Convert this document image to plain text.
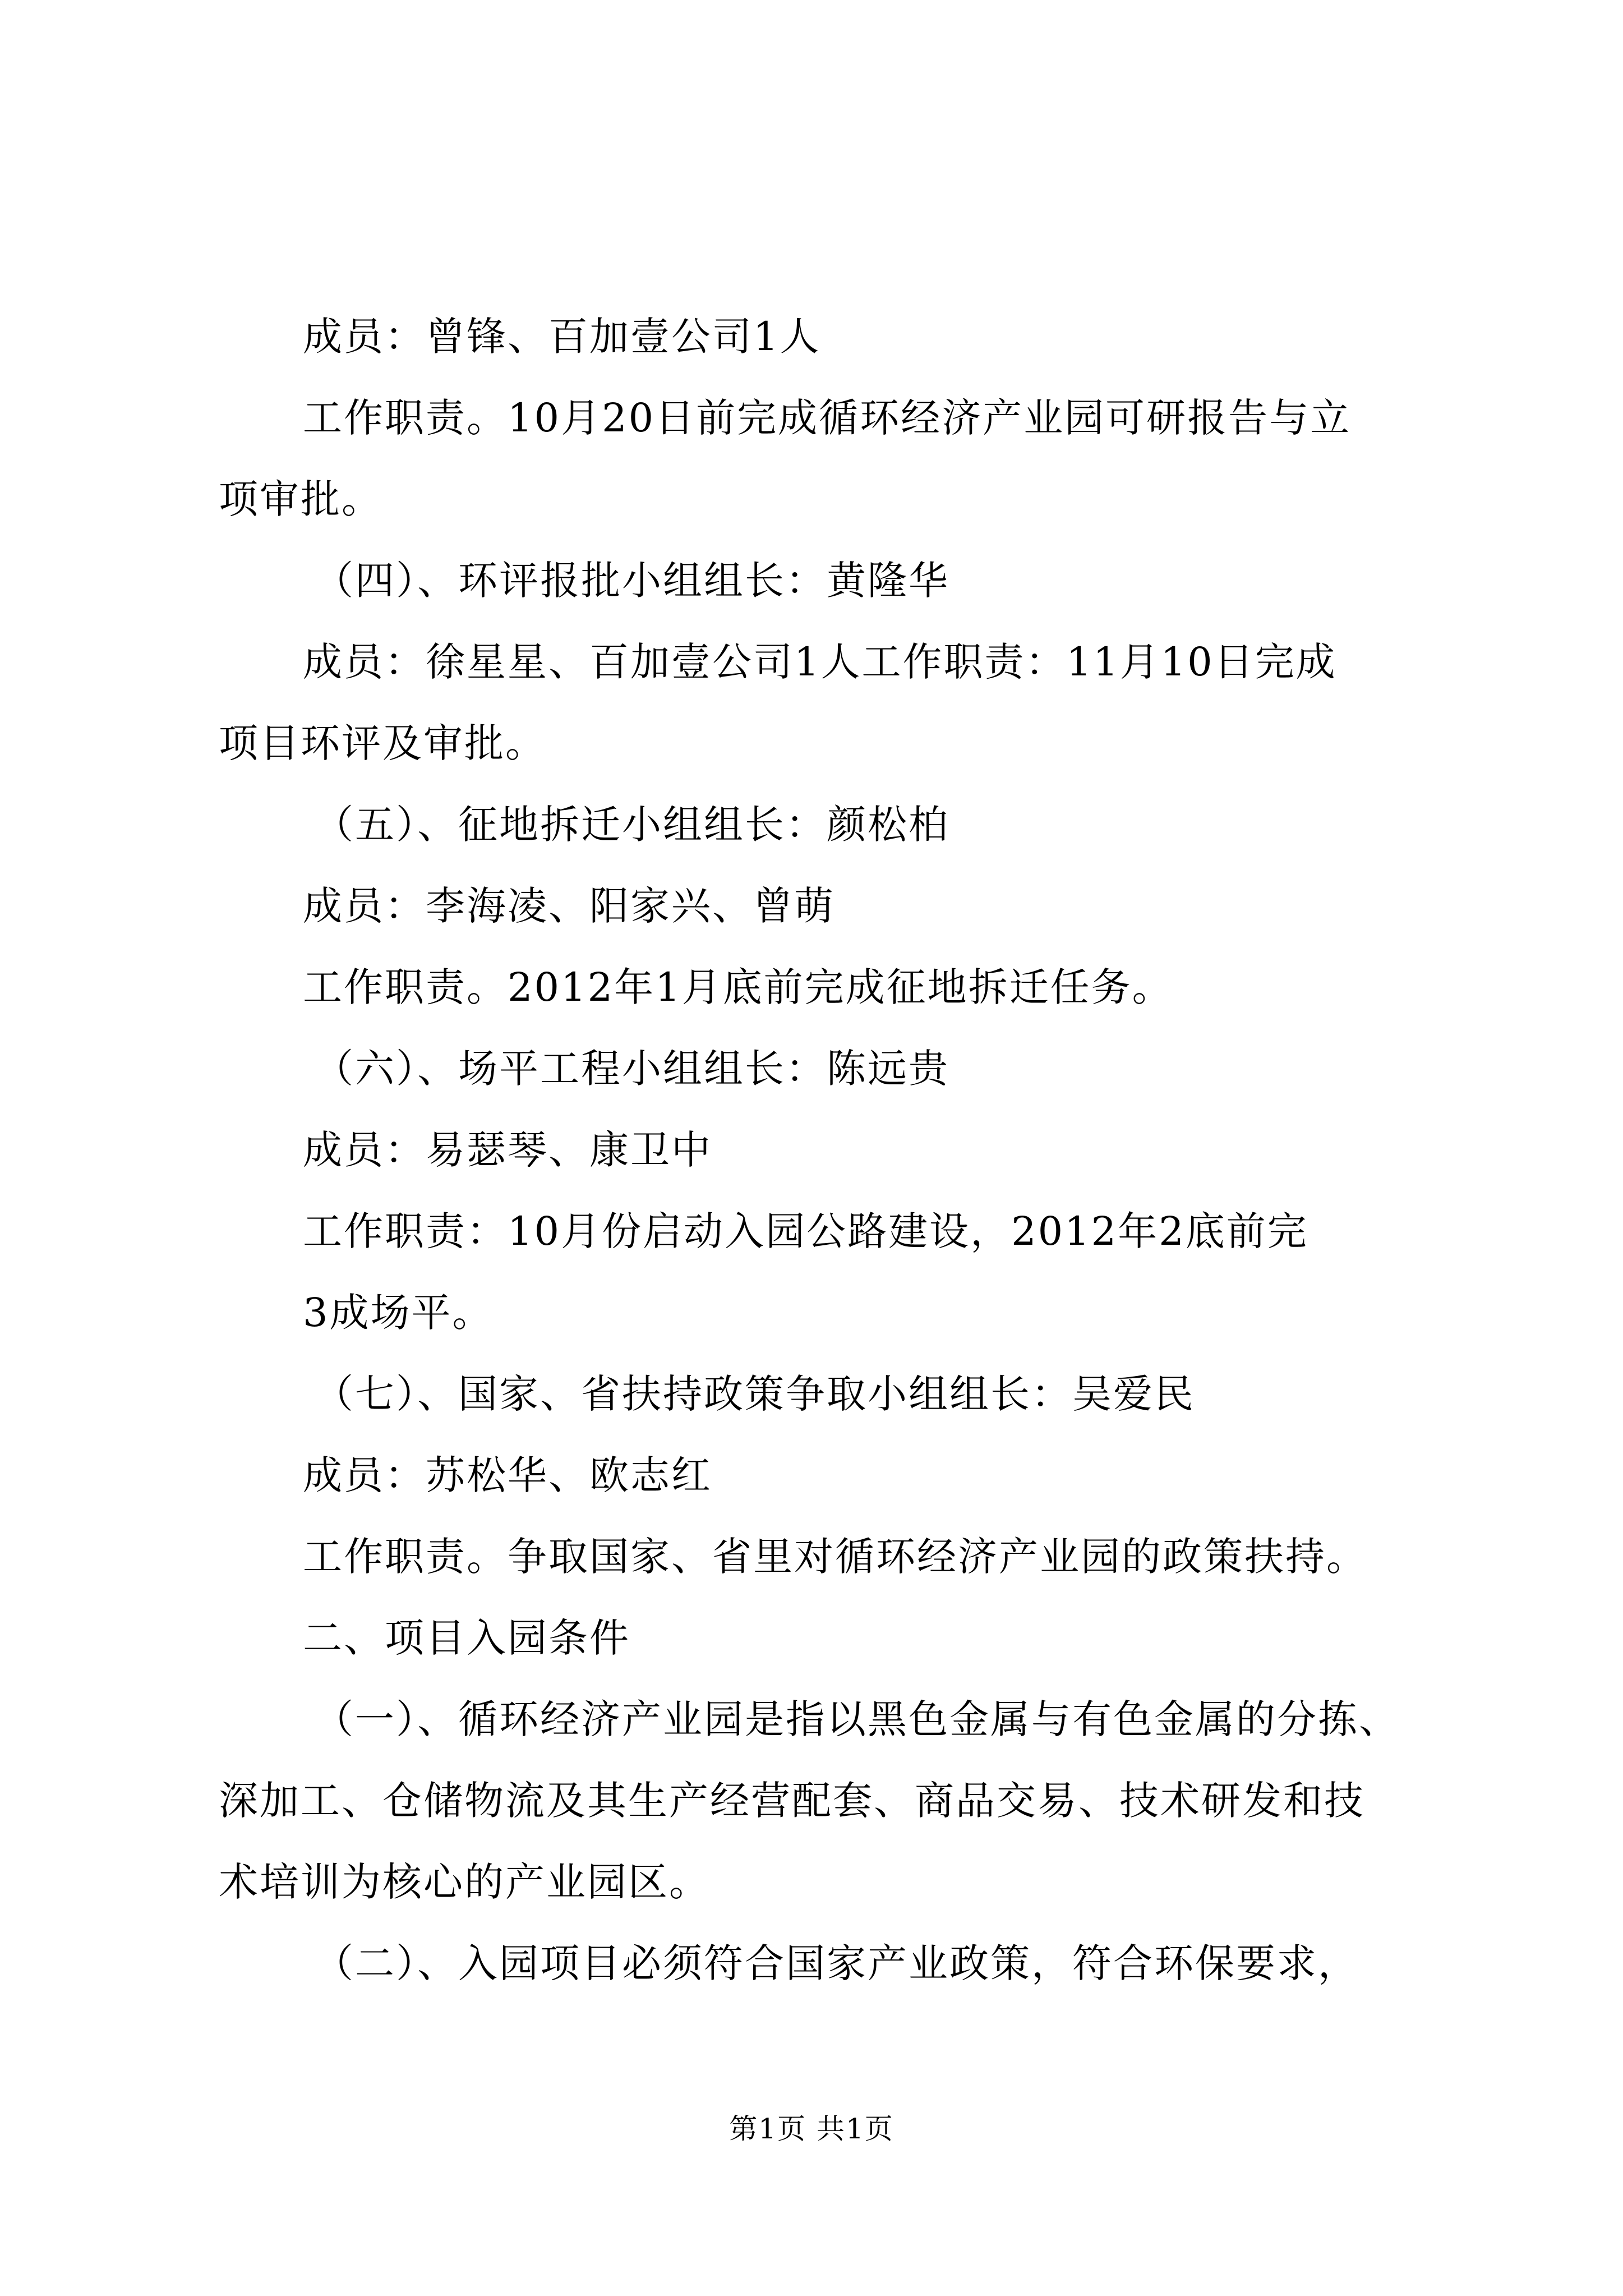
成员：曾锋、百加壹公司1人
工作职责。10月20日前完成循环经济产业园可研报告与立
项审批。
（四）、环评报批小组组长：黄隆华
成员：徐星星、百加壹公司1人工作职责：11月10日完成
项目环评及审批。
（五）、征地拆迁小组组长：颜松柏
成员：李海凌、阳家兴、曾萌
工作职责。2012年1月底前完成征地拆迁任务。
（六）、场平工程小组组长：陈远贵
成员：易瑟琴、康卫中
工作职责：10月份启动入园公路建设，2012年2底前完
3成场平。
（七）、国家、省扶持政策争取小组组长：吴爱民
成员：苏松华、欧志红
工作职责。争取国家、省里对循环经济产业园的政策扶持。
二、项目入园条件
（一）、循环经济产业园是指以黑色金属与有色金属的分拣、
深加工、仓储物流及其生产经营配套、商品交易、技术研发和技
术培训为核心的产业园区。
（二）、入园项目必须符合国家产业政策，符合环保要求，
第1页 共1页
